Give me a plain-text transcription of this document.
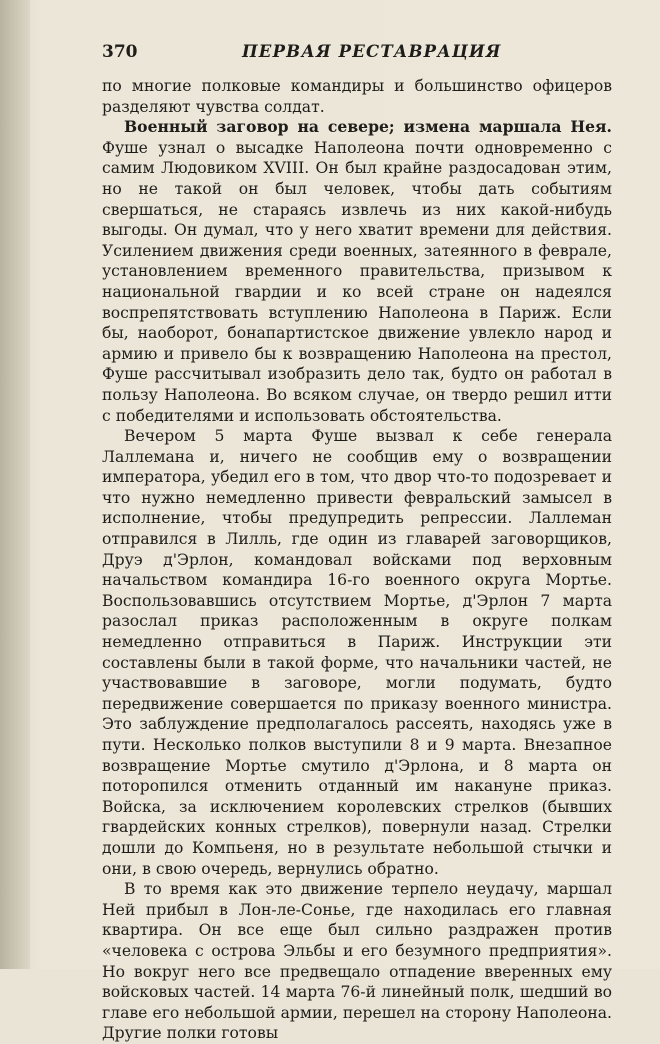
370	ПЕРВАЯ РЕСТАВРАЦИЯ

по многие полковые командиры и большинство офицеров разделяют чувства солдат.

Военный заговор на севере; измена маршала Нея. Фуше узнал о высадке Наполеона почти одновременно с самим Людовиком XVIII. Он был крайне раздосадован этим, но не такой он был человек, чтобы дать событиям свершаться, не стараясь извлечь из них какой-нибудь выгоды. Он думал, что у него хватит времени для действия. Усилением движения среди военных, затеянного в феврале, установлением временного правительства, призывом к национальной гвардии и ко всей стране он надеялся воспрепятствовать вступлению Наполеона в Париж. Если бы, наоборот, бонапартистское движение увлекло народ и армию и привело бы к возвращению Наполеона на престол, Фуше рассчитывал изобразить дело так, будто он работал в пользу Наполеона. Во всяком случае, он твердо решил итти с победителями и использовать обстоятельства.

Вечером 5 марта Фуше вызвал к себе генерала Лаллемана и, ничего не сообщив ему о возвращении императора, убедил его в том, что двор что-то подозревает и что нужно немедленно привести февральский замысел в исполнение, чтобы предупредить репрессии. Лаллеман отправился в Лилль, где один из главарей заговорщиков, Друэ д'Эрлон, командовал войсками под верховным начальством командира 16-го военного округа Мортье. Воспользовавшись отсутствием Мортье, д'Эрлон 7 марта разослал приказ расположенным в округе полкам немедленно отправиться в Париж. Инструкции эти составлены были в такой форме, что начальники частей, не участвовавшие в заговоре, могли подумать, будто передвижение совершается по приказу военного министра. Это заблуждение предполагалось рассеять, находясь уже в пути. Несколько полков выступили 8 и 9 марта. Внезапное возвращение Мортье смутило д'Эрлона, и 8 марта он поторопился отменить отданный им накануне приказ. Войска, за исключением королевских стрелков (бывших гвардейских конных стрелков), повернули назад. Стрелки дошли до Компьеня, но в результате небольшой стычки и они, в свою очередь, вернулись обратно.

В то время как это движение терпело неудачу, маршал Ней прибыл в Лон-ле-Сонье, где находилась его главная квартира. Он все еще был сильно раздражен против «человека с острова Эльбы и его безумного предприятия». Но вокруг него все предвещало отпадение вверенных ему войсковых частей. 14 марта 76-й линейный полк, шедший во главе его небольшой армии, перешел на сторону Наполеона. Другие полки готовы
